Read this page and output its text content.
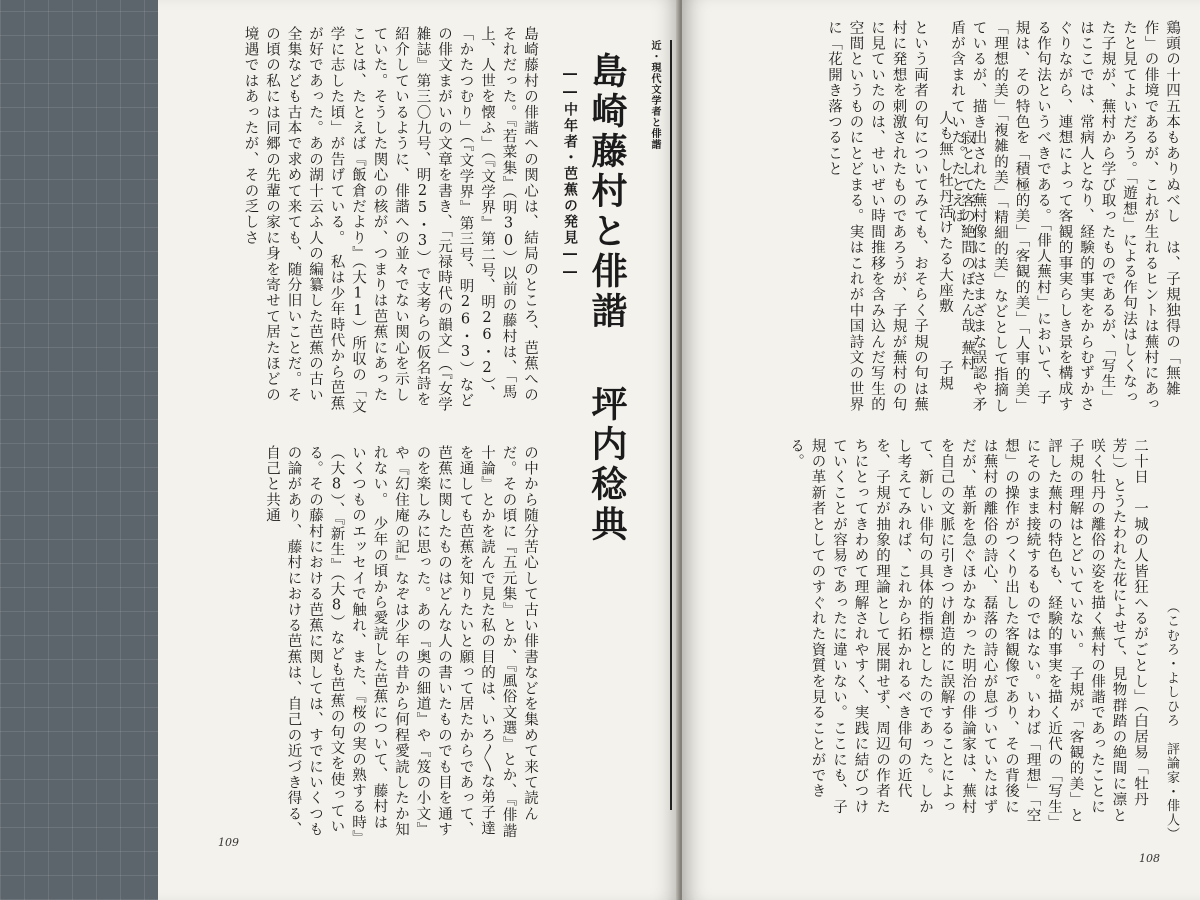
近・現代文学者と俳諧
島崎藤村と俳諧
――中年者・芭蕉の発見――
坪内稔典
島崎藤村の俳諧への関心は、結局のところ、芭蕉へのそれだった。『若菜集』（明30）以前の藤村は、「馬上、人世を懐ふ」（『文学界』第二号、明26・2）、「かたつむり」（『文学界』第三号、明26・3）などの俳文まがいの文章を書き、「元禄時代の韻文」（『女学雑誌』第三〇九号、明25・3）で支考らの仮名詩を紹介しているように、俳諧への並々でない関心を示していた。そうした関心の核が、つまりは芭蕉にあったことは、たとえば『飯倉だより』（大11）所収の「文学に志した頃」が告げている。　私は少年時代から芭蕉が好であった。あの湖十云ふ人の編纂した芭蕉の古い全集なども古本で求めて来ても、随分旧いことだ。その頃の私には同郷の先輩の家に身を寄せて居たほどの境遇ではあったが、その乏しさ
の中から随分苦心して古い俳書などを集めて来て読んだ。その頃に『五元集』とか、『風俗文選』とか、『俳諧十論』とかを読んで見た私の目的は、いろ〳〵な弟子達を通しても芭蕉を知りたいと願って居たからであって、芭蕉に関したものはどんな人の書いたものでも目を通すのを楽しみに思った。あの『奥の細道』や『笈の小文』や『幻住庵の記』なぞは少年の昔から何程愛読したか知れない。　少年の頃から愛読した芭蕉について、藤村はいくつものエッセイで触れ、また、『桜の実の熟する時』（大8）、『新生』（大8）なども芭蕉の句文を使っている。その藤村における芭蕉に関しては、すでにいくつもの論があり、藤村における芭蕉は、自己の近づき得る、自己と共通
109
鶏頭の十四五本もありぬべし　は、子規独得の「無雑作」の俳境であるが、これが生れるヒントは蕪村にあったと見てよいだろう。「遊想」による作句法はしくなった子規が、蕪村から学び取ったものであるが、「写生」はここでは、常病人となり、経験的事実をからむずかさぐりながら、連想によって客観的事実らしき景を構成する作句法というべきである。「俳人蕪村」において、子規は、その特色を「積極的美」「客観的美」「人事的美」「理想的美」「複雑的美」「精細的美」などとして指摘しているが、描き出された蕪村像にはさまざまな誤認や矛盾が含まれていた。たとえば、
寂として客の絶間のぼたん哉
蕪村
人も無し牡丹活けたる大座敷
子規
という両者の句についてみても、おそらく子規の句は蕪村に発想を刺激されたものであろうが、子規が蕪村の句に見ていたのは、せいぜい時間推移を含み込んだ写生的空間というものにとどまる。実はこれが中国詩文の世界に「花開き落つること
二十日　一城の人皆狂へるがごとし」（白居易「牡丹芳」）とうたわれた花によせて、見物群踏の絶間に凛と咲く牡丹の離俗の姿を描く蕪村の俳諧であったことに子規の理解はとどいていない。　子規が「客観的美」と評した蕪村の特色も、経験的事実を描く近代の「写生」にそのまま接続するものではない。いわば「理想」「空想」の操作がつくり出した客観像であり、その背後には蕪村の離俗の詩心、磊落の詩心が息づいていたはずだが、革新を急ぐほかなかった明治の俳論家は、蕪村を自己の文脈に引きつけ創造的に誤解することによって、新しい俳句の具体的指標としたのであった。しかし考えてみれば、これから拓かれるべき俳句の近代を、子規が抽象的理論として展開せず、周辺の作者たちにとってきわめて理解されやすく、実践に結びつけていくことが容易であったに違いない。ここにも、子規の革新者としてのすぐれた資質を見ることができる。
（こむろ・よしひろ　評論家・俳人）
108
